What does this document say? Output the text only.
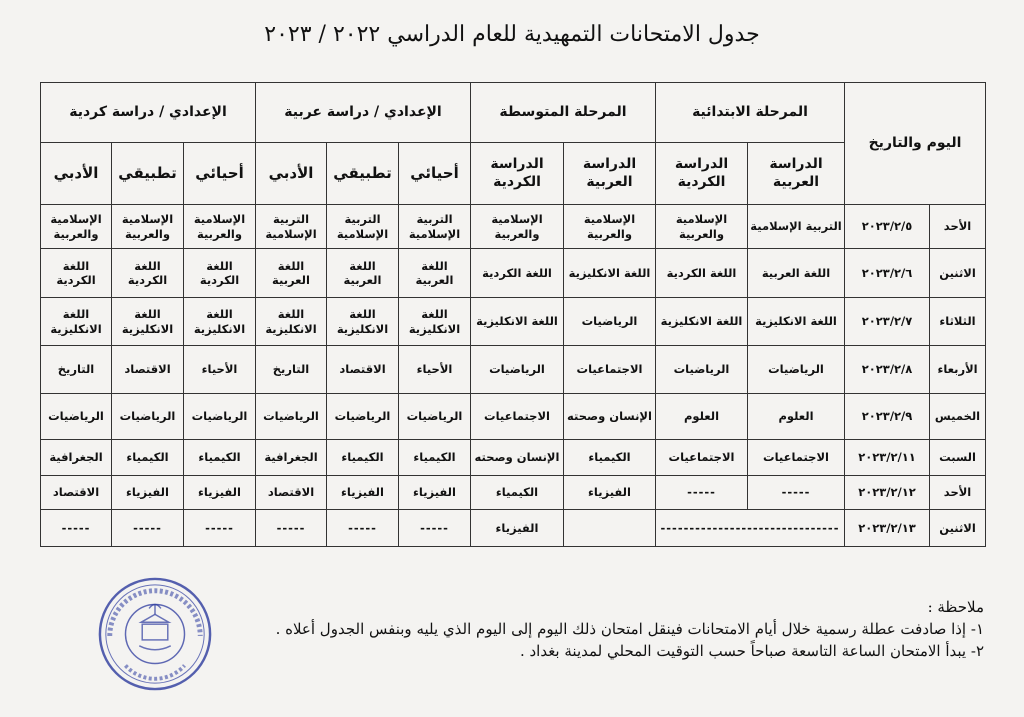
جدول الامتحانات التمهيدية للعام الدراسي ٢٠٢٢ / ٢٠٢٣
اليوم والتاريخ		المرحلة الابتدائية		المرحلة المتوسطة		الإعدادي / دراسة عربية			الإعدادي / دراسة كردية		
		الدراسة العربية	الدراسة الكردية	الدراسة العربية	الدراسة الكردية	أحيائي	تطبيقي	الأدبي	أحيائي	تطبيقي	الأدبي
الأحد	٢٠٢٣/٢/٥	التربية الإسلامية	الإسلامية والعربية	الإسلامية والعربية	الإسلامية والعربية	التربية الإسلامية	التربية الإسلامية	التربية الإسلامية	الإسلامية والعربية	الإسلامية والعربية	الإسلامية والعربية
الاثنين	٢٠٢٣/٢/٦	اللغة العربية	اللغة الكردية	اللغة الانكليزية	اللغة الكردية	اللغة العربية	اللغة العربية	اللغة العربية	اللغة الكردية	اللغة الكردية	اللغة الكردية
الثلاثاء	٢٠٢٣/٢/٧	اللغة الانكليزية	اللغة الانكليزية	الرياضيات	اللغة الانكليزية	اللغة الانكليزية	اللغة الانكليزية	اللغة الانكليزية	اللغة الانكليزية	اللغة الانكليزية	اللغة الانكليزية
الأربعاء	٢٠٢٣/٢/٨	الرياضيات	الرياضيات	الاجتماعيات	الرياضيات	الأحياء	الاقتصاد	التاريخ	الأحياء	الاقتصاد	التاريخ
الخميس	٢٠٢٣/٢/٩	العلوم	العلوم	الإنسان وصحته	الاجتماعيات	الرياضيات	الرياضيات	الرياضيات	الرياضيات	الرياضيات	الرياضيات
السبت	٢٠٢٣/٢/١١	الاجتماعيات	الاجتماعيات	الكيمياء	الإنسان وصحته	الكيمياء	الكيمياء	الجغرافية	الكيمياء	الكيمياء	الجغرافية
الأحد	٢٠٢٣/٢/١٢	-----	-----	الفيزياء	الكيمياء	الفيزياء	الفيزياء	الاقتصاد	الفيزياء	الفيزياء	الاقتصاد
الاثنين	٢٠٢٣/٢/١٣	-------------------------------			الفيزياء	-----	-----	-----	-----	-----	-----
ملاحظة :
١- إذا صادفت عطلة رسمية خلال أيام الامتحانات فينقل امتحان ذلك اليوم إلى اليوم الذي يليه وبنفس الجدول أعلاه .
٢- يبدأ الامتحان الساعة التاسعة صباحاً حسب التوقيت المحلي لمدينة بغداد .
